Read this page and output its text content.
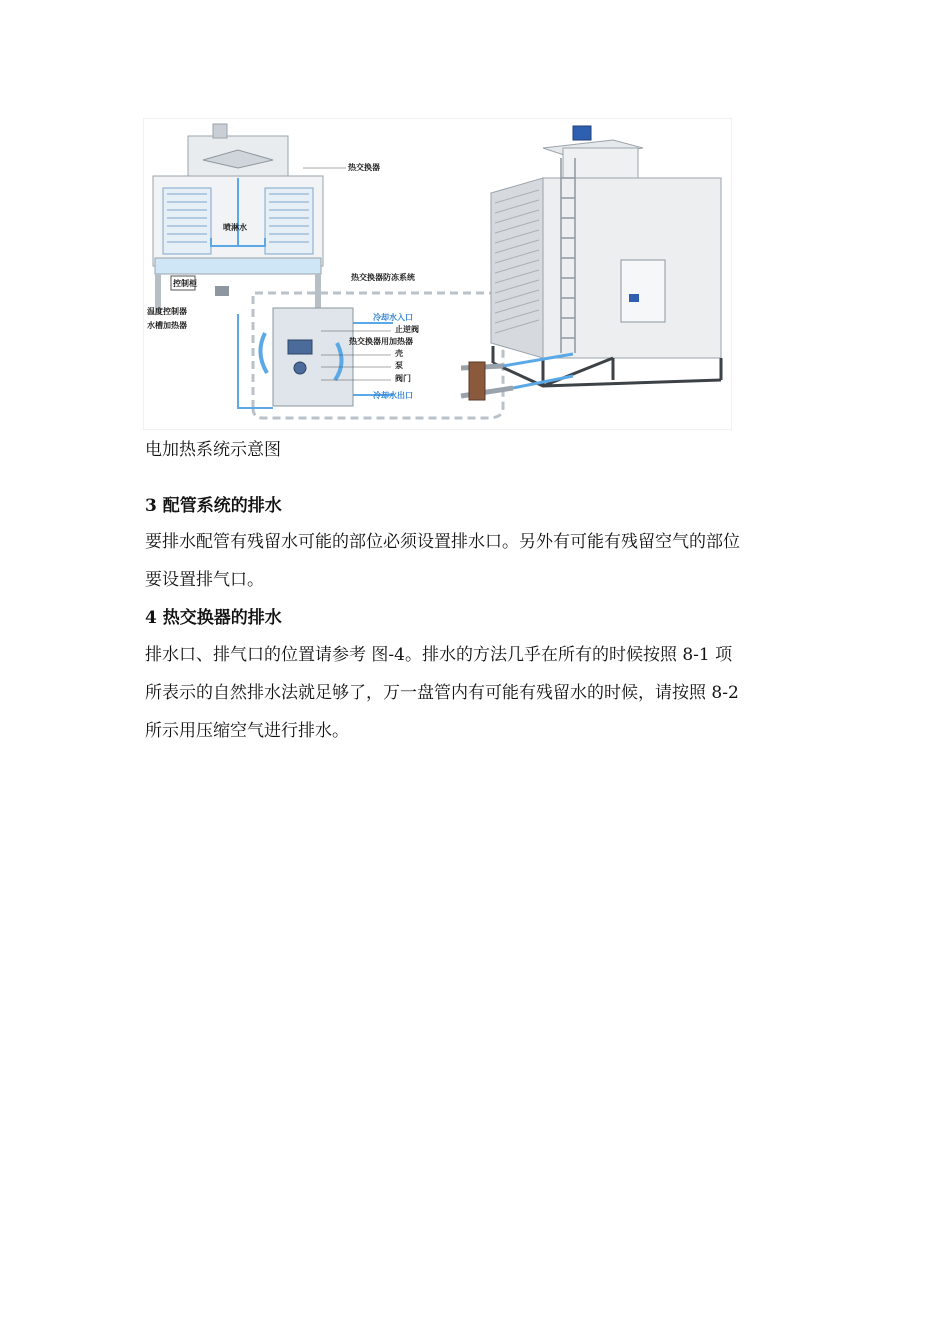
控制柜
热交换器
喷淋水
温度控制器
水槽加热器
热交换器防冻系统
冷却水入口
止逆阀
热交换器用加热器
壳
泵
阀门
冷却水出口
电加热系统示意图
3 配管系统的排水
要排水配管有残留水可能的部位必须设置排水口。另外有可能有残留空气的部位
要设置排气口。
4 热交换器的排水
排水口、排气口的位置请参考 图-4。排水的方法几乎在所有的时候按照 8-1 项
所表示的自然排水法就足够了，万一盘管内有可能有残留水的时候，请按照 8-2
所示用压缩空气进行排水。
